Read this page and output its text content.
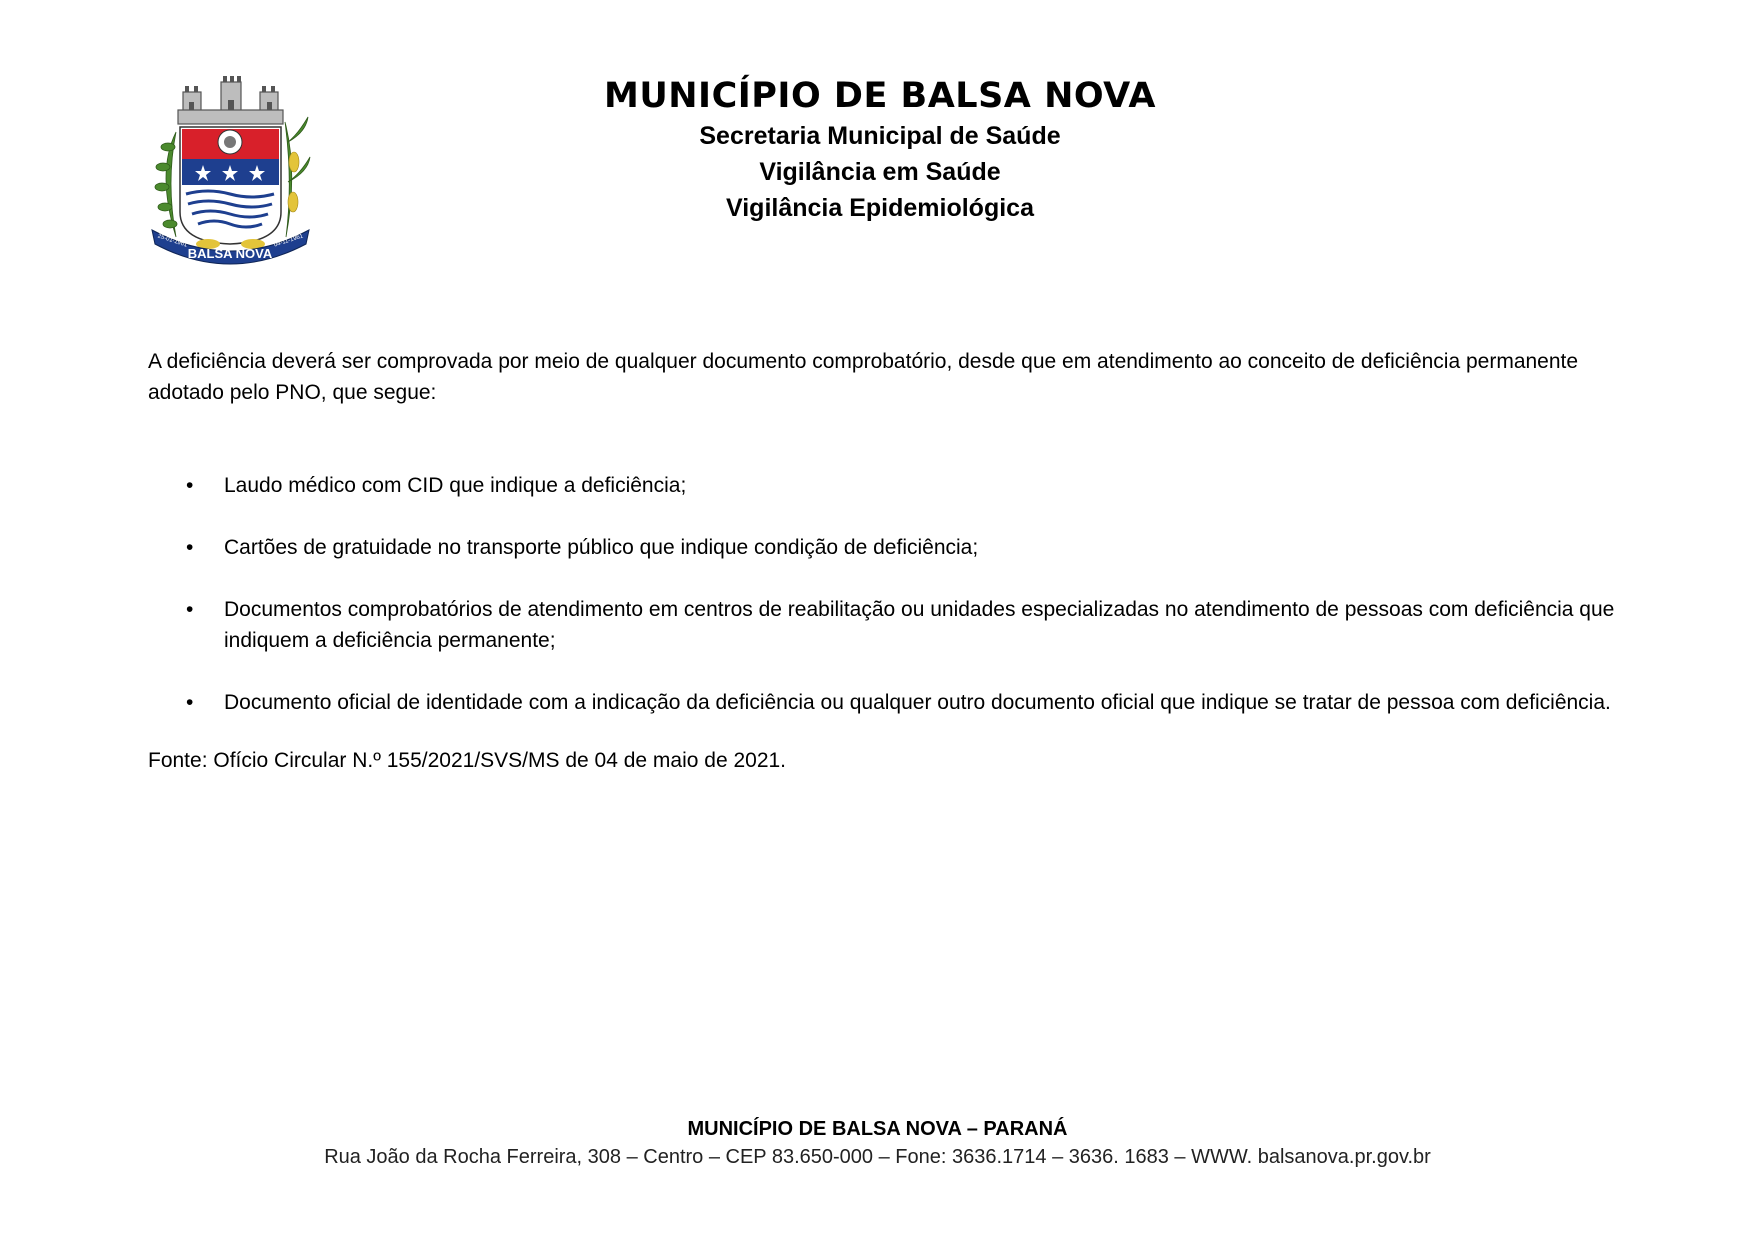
BALSA NOVA
25-01-1961	04-11-1961
MUNICÍPIO DE BALSA NOVA
Secretaria Municipal de Saúde
Vigilância em Saúde
Vigilância Epidemiológica

A deficiência deverá ser comprovada por meio de qualquer documento comprobatório, desde que em atendimento ao conceito de deficiência permanente adotado pelo PNO, que segue:

• Laudo médico com CID que indique a deficiência;
• Cartões de gratuidade no transporte público que indique condição de deficiência;
• Documentos comprobatórios de atendimento em centros de reabilitação ou unidades especializadas no atendimento de pessoas com deficiência que indiquem a deficiência permanente;
• Documento oficial de identidade com a indicação da deficiência ou qualquer outro documento oficial que indique se tratar de pessoa com deficiência.

Fonte: Ofício Circular N.º 155/2021/SVS/MS de 04 de maio de 2021.

MUNICÍPIO DE BALSA NOVA – PARANÁ
Rua João da Rocha Ferreira, 308 – Centro – CEP 83.650-000 – Fone: 3636.1714 – 3636. 1683 – WWW. balsanova.pr.gov.br
